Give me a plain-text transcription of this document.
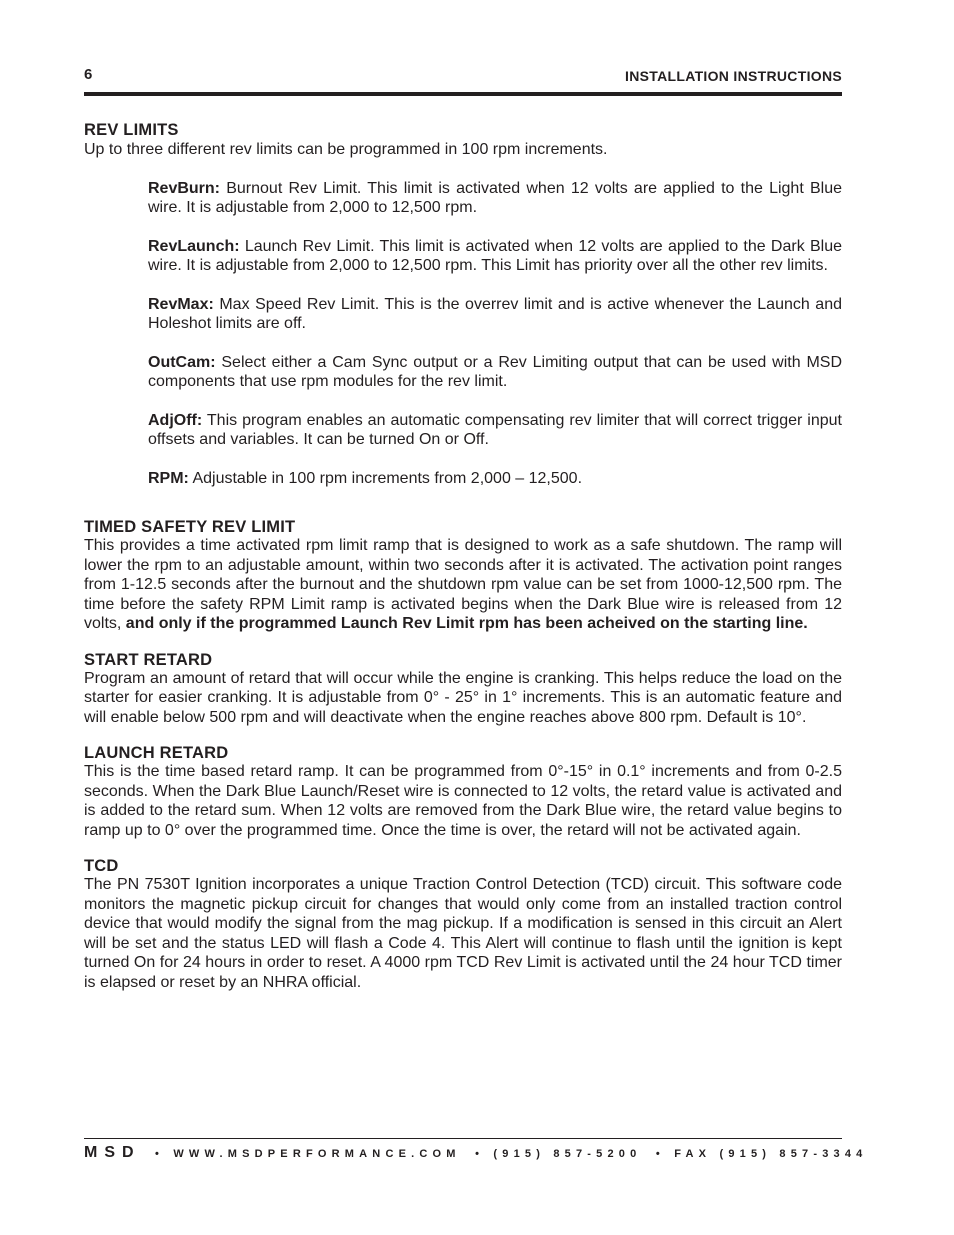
6	INSTALLATION INSTRUCTIONS
REV LIMITS

Up to three different rev limits can be programmed in 100 rpm increments.

RevBurn: Burnout Rev Limit. This limit is activated when 12 volts are applied to the Light Blue wire. It is adjustable from 2,000 to 12,500 rpm.

RevLaunch: Launch Rev Limit. This limit is activated when 12 volts are applied to the Dark Blue wire. It is adjustable from 2,000 to 12,500 rpm. This Limit has priority over all the other rev limits.

RevMax: Max Speed Rev Limit. This is the overrev limit and is active whenever the Launch and Holeshot limits are off.

OutCam: Select either a Cam Sync output or a Rev Limiting output that can be used with MSD components that use rpm modules for the rev limit.

AdjOff: This program enables an automatic compensating rev limiter that will correct trigger input offsets and variables. It can be turned On or Off.

RPM: Adjustable in 100 rpm increments from 2,000 – 12,500.

TIMED SAFETY REV LIMIT

This provides a time activated rpm limit ramp that is designed to work as a safe shutdown. The ramp will lower the rpm to an adjustable amount, within two seconds after it is activated. The activation point ranges from 1-12.5 seconds after the burnout and the shutdown rpm value can be set from 1000-12,500 rpm. The time before the safety RPM Limit ramp is activated begins when the Dark Blue wire is released from 12 volts, and only if the programmed Launch Rev Limit rpm has been acheived on the starting line.

START RETARD

Program an amount of retard that will occur while the engine is cranking. This helps reduce the load on the starter for easier cranking. It is adjustable from 0° - 25° in 1° increments. This is an automatic feature and will enable below 500 rpm and will deactivate when the engine reaches above 800 rpm. Default is 10°.

LAUNCH RETARD

This is the time based retard ramp. It can be programmed from 0°-15° in 0.1° increments and from 0-2.5 seconds. When the Dark Blue Launch/Reset wire is connected to 12 volts, the retard value is activated and is added to the retard sum. When 12 volts are removed from the Dark Blue wire, the retard value begins to ramp up to 0° over the programmed time. Once the time is over, the retard will not be activated again.

TCD

The PN 7530T Ignition incorporates a unique Traction Control Detection (TCD) circuit. This software code monitors the magnetic pickup circuit for changes that would only come from an installed traction control device that would modify the signal from the mag pickup. If a modification is sensed in this circuit an Alert will be set and the status LED will flash a Code 4. This Alert will continue to flash until the ignition is kept turned On for 24 hours in order to reset. A 4000 rpm TCD Rev Limit is activated until the 24 hour TCD timer is elapsed or reset by an NHRA official.

MSD • WWW.MSDPERFORMANCE.COM • (915) 857-5200 • FAX (915) 857-3344
